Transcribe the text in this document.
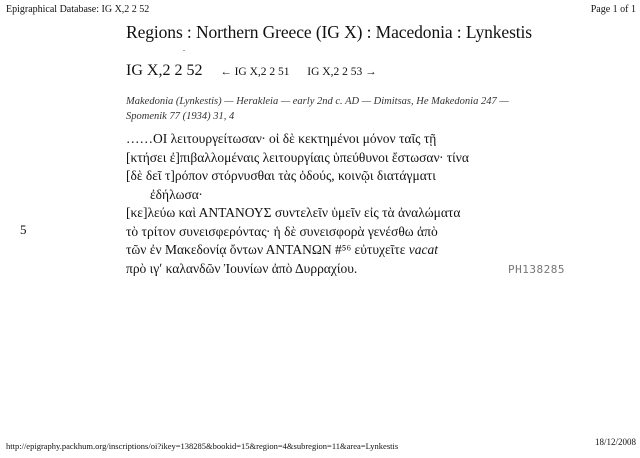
Epigraphical Database: IG X,2 2 52	Page 1 of 1
Regions : Northern Greece (IG X) : Macedonia : Lynkestis
.
IG X,2 2 52 ← IG X,2 2 51 IG X,2 2 53 →
Makedonia (Lynkestis) — Herakleia — early 2nd c. AD — Dimitsas, He Makedonia 247 —
Spomenik 77 (1934) 31, 4
5
……ΟΙ λειτουργείτωσαν· οἱ δὲ κεκτημένοι μόνον ταῖς τῇ
[κτήσει ἐ]πιβαλλομέναις λειτουργίαις ὑπεύθυνοι ἔστωσαν· τίνα
[δὲ δεῖ τ]ρόπον στόρνυσθαι τὰς ὁδούς, κοινῷι διατάγματι
ἐδήλωσα·
[κε]λεύω καὶ ΑΝΤΑΝΟΥΣ συντελεῖν ὑμεῖν εἰς τὰ ἀναλώματα
τὸ τρίτον συνεισφερόντας· ἡ δὲ συνεισφορὰ γενέσθω ἀπὸ
τῶν ἐν Μακεδονίᾳ ὄντων ΑΝΤΑΝΩΝ #⁵⁶ εὐτυχεῖτε vacat
πρὸ ιγʹ καλανδῶν Ἰουνίων ἀπὸ Δυρραχίου.	PH138285
http://epigraphy.packhum.org/inscriptions/oi?ikey=138285&bookid=15&region=4&subregion=11&area=Lynkestis	18/12/2008
